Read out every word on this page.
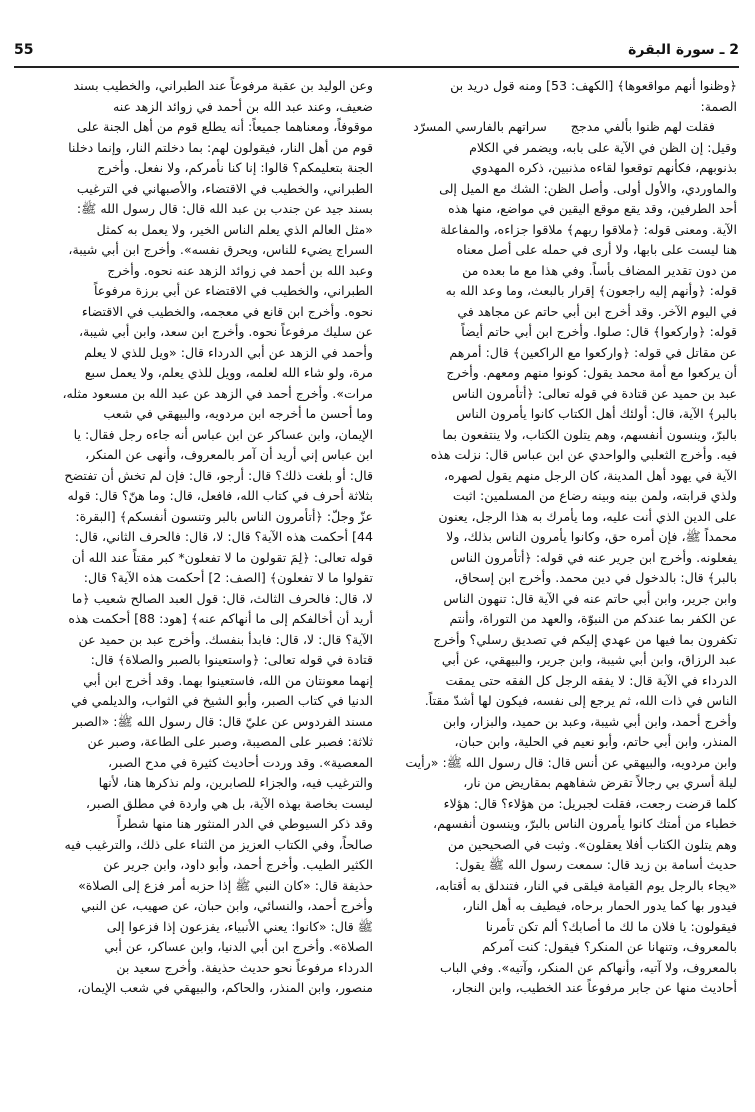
55	2 ـ سورة البقرة

﴿وظنوا أنهم مواقعوها﴾ [الكهف: 53] ومنه قول دريد بن

الصمة:

فقلت لهم ظنوا بألفي مدججسراتهم بالفارسي المسرّد

وقيل: إن الظن في الآية على بابه، ويضمر في الكلام

بذنوبهم، فكأنهم توقعوا لقاءه مذنبين، ذكره المهدوي

والماوردي، والأول أولى. وأصل الظن: الشك مع الميل إلى

أحد الطرفين، وقد يقع موقع اليقين في مواضع، منها هذه

الآية. ومعنى قوله: ﴿ملاقوا ربهم﴾ ملاقوا جزاءه، والمفاعلة

هنا ليست على بابها، ولا أرى في حمله على أصل معناه

من دون تقدير المضاف بأساً. وفي هذا مع ما بعده من

قوله: ﴿وأنهم إليه راجعون﴾ إقرار بالبعث، وما وعد الله به

في اليوم الآخر. وقد أخرج ابن أبي حاتم عن مجاهد في

قوله: ﴿واركعوا﴾ قال: صلوا. وأخرج ابن أبي حاتم أيضاً

عن مقاتل في قوله: ﴿واركعوا مع الراكعين﴾ قال: أمرهم

أن يركعوا مع أمة محمد يقول: كونوا منهم ومعهم. وأخرج

عبد بن حميد عن قتادة في قوله تعالى: ﴿أتأمرون الناس

بالبر﴾ الآية، قال: أولئك أهل الكتاب كانوا يأمرون الناس

بالبرّ، وينسون أنفسهم، وهم يتلون الكتاب، ولا ينتفعون بما

فيه. وأخرج الثعلبي والواحدي عن ابن عباس قال: نزلت هذه

الآية في يهود أهل المدينة، كان الرجل منهم يقول لصهره،

ولذي قرابته، ولمن بينه وبينه رضاع من المسلمين: اثبت

على الدين الذي أنت عليه، وما يأمرك به هذا الرجل، يعنون

محمداً ﷺ، فإن أمره حق، وكانوا يأمرون الناس بذلك، ولا

يفعلونه. وأخرج ابن جرير عنه في قوله: ﴿أتأمرون الناس

بالبر﴾ قال: بالدخول في دين محمد. وأخرج ابن إسحاق،

وابن جرير، وابن أبي حاتم عنه في الآية قال: تنهون الناس

عن الكفر بما عندكم من النبوّة، والعهد من التوراة، وأنتم

تكفرون بما فيها من عهدي إليكم في تصديق رسلي؟ وأخرج

عبد الرزاق، وابن أبي شيبة، وابن جرير، والبيهقي، عن أبي

الدرداء في الآية قال: لا يفقه الرجل كل الفقه حتى يمقت

الناس في ذات الله، ثم يرجع إلى نفسه، فيكون لها أشدّ مقتاً.

وأخرج أحمد، وابن أبي شيبة، وعبد بن حميد، والبزار، وابن

المنذر، وابن أبي حاتم، وأبو نعيم في الحلية، وابن حبان،

وابن مردويه، والبيهقي عن أنس قال: قال رسول الله ﷺ: «رأيت

ليلة أسري بي رجالاً تقرض شفاههم بمقاريض من نار،

كلما قرضت رجعت، فقلت لجبريل: من هؤلاء؟ قال: هؤلاء

خطباء من أمتك كانوا يأمرون الناس بالبرّ، وينسون أنفسهم،

وهم يتلون الكتاب أفلا يعقلون». وثبت في الصحيحين من

حديث أسامة بن زيد قال: سمعت رسول الله ﷺ يقول:

«يجاء بالرجل يوم القيامة فيلقى في النار، فتندلق به أقتابه،

فيدور بها كما يدور الحمار برحاه، فيطيف به أهل النار،

فيقولون: يا فلان ما لك ما أصابك؟ ألم تكن تأمرنا

بالمعروف، وتنهانا عن المنكر؟ فيقول: كنت آمركم

بالمعروف، ولا آتيه، وأنهاكم عن المنكر، وآتيه». وفي الباب

أحاديث منها عن جابر مرفوعاً عند الخطيب، وابن النجار،

وعن الوليد بن عقبة مرفوعاً عند الطبراني، والخطيب بسند

ضعيف، وعند عبد الله بن أحمد في زوائد الزهد عنه

موقوفاً، ومعناهما جميعاً: أنه يطلع قوم من أهل الجنة على

قوم من أهل النار، فيقولون لهم: بما دخلتم النار، وإنما دخلنا

الجنة بتعليمكم؟ قالوا: إنا كنا نأمركم، ولا نفعل. وأخرج

الطبراني، والخطيب في الاقتضاء، والأصبهاني في الترغيب

بسند جيد عن جندب بن عبد الله قال: قال رسول الله ﷺ:

«مثل العالم الذي يعلم الناس الخير، ولا يعمل به كمثل

السراج يضيء للناس، ويحرق نفسه». وأخرج ابن أبي شيبة،

وعبد الله بن أحمد في زوائد الزهد عنه نحوه. وأخرج

الطبراني، والخطيب في الاقتضاء عن أبي برزة مرفوعاً

نحوه. وأخرج ابن قانع في معجمه، والخطيب في الاقتضاء

عن سليك مرفوعاً نحوه. وأخرج ابن سعد، وابن أبي شيبة،

وأحمد في الزهد عن أبي الدرداء قال: «ويل للذي لا يعلم

مرة، ولو شاء الله لعلمه، وويل للذي يعلم، ولا يعمل سبع

مرات». وأخرج أحمد في الزهد عن عبد الله بن مسعود مثله،

وما أحسن ما أخرجه ابن مردويه، والبيهقي في شعب

الإيمان، وابن عساكر عن ابن عباس أنه جاءه رجل فقال: يا

ابن عباس إني أريد أن آمر بالمعروف، وأنهى عن المنكر،

قال: أو بلغت ذلك؟ قال: أرجو، قال: فإن لم تخش أن تفتضح

بثلاثة أحرف في كتاب الله، فافعل، قال: وما هنّ؟ قال: قوله

عزّ وجلّ: ﴿أتأمرون الناس بالبر وتنسون أنفسكم﴾ [البقرة:

44] أحكمت هذه الآية؟ قال: لا، قال: فالحرف الثاني، قال:

قوله تعالى: ﴿لِمَ تقولون ما لا تفعلون* كبر مقتاً عند الله أن

تقولوا ما لا تفعلون﴾ [الصف: 2] أحكمت هذه الآية؟ قال:

لا، قال: فالحرف الثالث، قال: قول العبد الصالح شعيب ﴿ما

أريد أن أخالفكم إلى ما أنهاكم عنه﴾ [هود: 88] أحكمت هذه

الآية؟ قال: لا، قال: فابدأ بنفسك. وأخرج عبد بن حميد عن

قتادة في قوله تعالى: ﴿واستعينوا بالصبر والصلاة﴾ قال:

إنهما معونتان من الله، فاستعينوا بهما. وقد أخرج ابن أبي

الدنيا في كتاب الصبر، وأبو الشيخ في الثواب، والديلمي في

مسند الفردوس عن عليّ قال: قال رسول الله ﷺ: «الصبر

ثلاثة: فصبر على المصيبة، وصبر على الطاعة، وصبر عن

المعصية». وقد وردت أحاديث كثيرة في مدح الصبر،

والترغيب فيه، والجزاء للصابرين، ولم نذكرها هنا، لأنها

ليست بخاصة بهذه الآية، بل هي واردة في مطلق الصبر،

وقد ذكر السيوطي في الدر المنثور هنا منها شطراً

صالحاً، وفي الكتاب العزيز من الثناء على ذلك، والترغيب فيه

الكثير الطيب. وأخرج أحمد، وأبو داود، وابن جرير عن

حذيفة قال: «كان النبي ﷺ إذا حزبه أمر فزع إلى الصلاة»

وأخرج أحمد، والنسائي، وابن حبان، عن صهيب، عن النبي

ﷺ قال: «كانوا: يعني الأنبياء، يفزعون إذا فزعوا إلى

الصلاة». وأخرج ابن أبي الدنيا، وابن عساكر، عن أبي

الدرداء مرفوعاً نحو حديث حذيفة. وأخرج سعيد بن

منصور، وابن المنذر، والحاكم، والبيهقي في شعب الإيمان،
